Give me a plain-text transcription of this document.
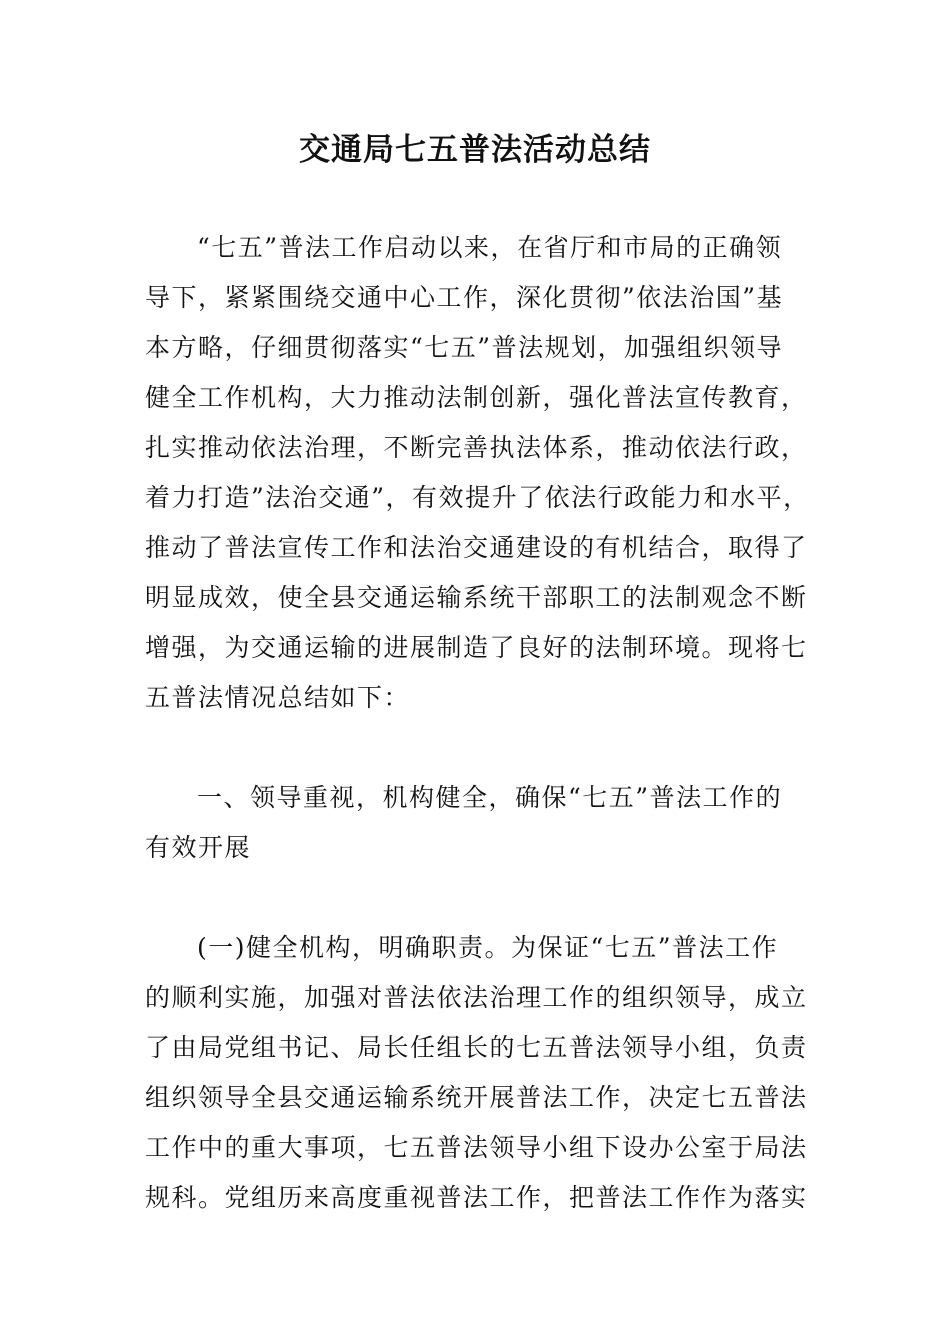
交通局七五普法活动总结
“七五”普法工作启动以来，在省厅和市局的正确领
导下，紧紧围绕交通中心工作，深化贯彻”依法治国”基
本方略，仔细贯彻落实“七五”普法规划，加强组织领导
健全工作机构，大力推动法制创新，强化普法宣传教育，
扎实推动依法治理，不断完善执法体系，推动依法行政，
着力打造”法治交通”，有效提升了依法行政能力和水平，
推动了普法宣传工作和法治交通建设的有机结合，取得了
明显成效，使全县交通运输系统干部职工的法制观念不断
增强，为交通运输的进展制造了良好的法制环境。现将七
五普法情况总结如下：
一、领导重视，机构健全，确保“七五”普法工作的
有效开展
(一)健全机构，明确职责。为保证“七五”普法工作
的顺利实施，加强对普法依法治理工作的组织领导，成立
了由局党组书记、局长任组长的七五普法领导小组，负责
组织领导全县交通运输系统开展普法工作，决定七五普法
工作中的重大事项，七五普法领导小组下设办公室于局法
规科。党组历来高度重视普法工作，把普法工作作为落实
